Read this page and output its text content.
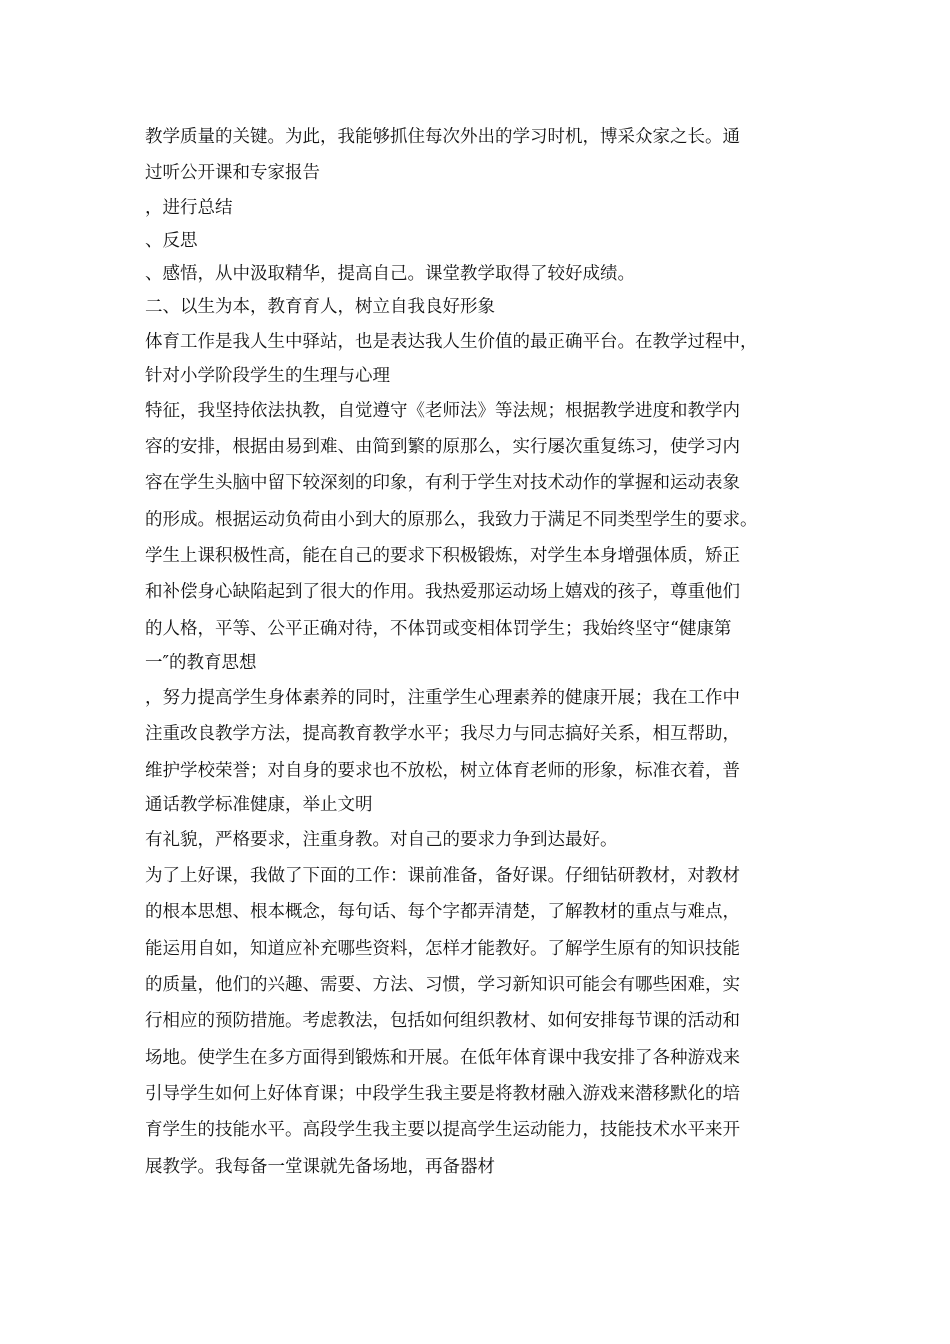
教学质量的关键。为此，我能够抓住每次外出的学习时机，博采众家之长。通
过听公开课和专家报告
，进行总结
、反思
、感悟，从中汲取精华，提高自己。课堂教学取得了较好成绩。
二、以生为本，教育育人，树立自我良好形象
体育工作是我人生中驿站，也是表达我人生价值的最正确平台。在教学过程中，
针对小学阶段学生的生理与心理
特征，我坚持依法执教，自觉遵守《老师法》等法规；根据教学进度和教学内
容的安排，根据由易到难、由简到繁的原那么，实行屡次重复练习，使学习内
容在学生头脑中留下较深刻的印象，有利于学生对技术动作的掌握和运动表象
的形成。根据运动负荷由小到大的原那么，我致力于满足不同类型学生的要求。
学生上课积极性高，能在自己的要求下积极锻炼，对学生本身增强体质，矫正
和补偿身心缺陷起到了很大的作用。我热爱那运动场上嬉戏的孩子，尊重他们
的人格，平等、公平正确对待，不体罚或变相体罚学生；我始终坚守“健康第
一″的教育思想
，努力提高学生身体素养的同时，注重学生心理素养的健康开展；我在工作中
注重改良教学方法，提高教育教学水平；我尽力与同志搞好关系，相互帮助，
维护学校荣誉；对自身的要求也不放松，树立体育老师的形象，标准衣着，普
通话教学标准健康，举止文明
有礼貌，严格要求，注重身教。对自己的要求力争到达最好。
为了上好课，我做了下面的工作：课前准备，备好课。仔细钻研教材，对教材
的根本思想、根本概念，每句话、每个字都弄清楚，了解教材的重点与难点，
能运用自如，知道应补充哪些资料，怎样才能教好。了解学生原有的知识技能
的质量，他们的兴趣、需要、方法、习惯，学习新知识可能会有哪些困难，实
行相应的预防措施。考虑教法，包括如何组织教材、如何安排每节课的活动和
场地。使学生在多方面得到锻炼和开展。在低年体育课中我安排了各种游戏来
引导学生如何上好体育课；中段学生我主要是将教材融入游戏来潜移默化的培
育学生的技能水平。高段学生我主要以提高学生运动能力，技能技术水平来开
展教学。我每备一堂课就先备场地，再备器材
